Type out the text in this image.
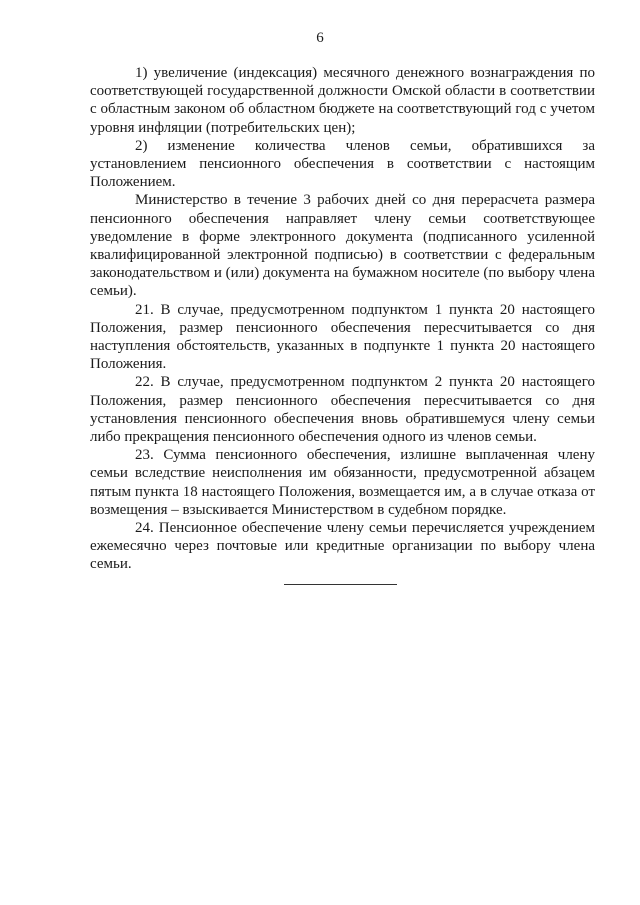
6

1) увеличение (индексация) месячного денежного вознаграждения по соответствующей государственной должности Омской области в соответствии с областным законом об областном бюджете на соответствующий год с учетом уровня инфляции (потребительских цен);

2) изменение количества членов семьи, обратившихся за установлением пенсионного обеспечения в соответствии с настоящим Положением.

Министерство в течение 3 рабочих дней со дня перерасчета размера пенсионного обеспечения направляет члену семьи соответствующее уведомление в форме электронного документа (подписанного усиленной квалифицированной электронной подписью) в соответствии с федеральным законодательством и (или) документа на бумажном носителе (по выбору члена семьи).

21. В случае, предусмотренном подпунктом 1 пункта 20 настоящего Положения, размер пенсионного обеспечения пересчитывается со дня наступления обстоятельств, указанных в подпункте 1 пункта 20 настоящего Положения.

22. В случае, предусмотренном подпунктом 2 пункта 20 настоящего Положения, размер пенсионного обеспечения пересчитывается со дня установления пенсионного обеспечения вновь обратившемуся члену семьи либо прекращения пенсионного обеспечения одного из членов семьи.

23. Сумма пенсионного обеспечения, излишне выплаченная члену семьи вследствие неисполнения им обязанности, предусмотренной абзацем пятым пункта 18 настоящего Положения, возмещается им, а в случае отказа от возмещения – взыскивается Министерством в судебном порядке.

24. Пенсионное обеспечение члену семьи перечисляется учреждением ежемесячно через почтовые или кредитные организации по выбору члена семьи.
